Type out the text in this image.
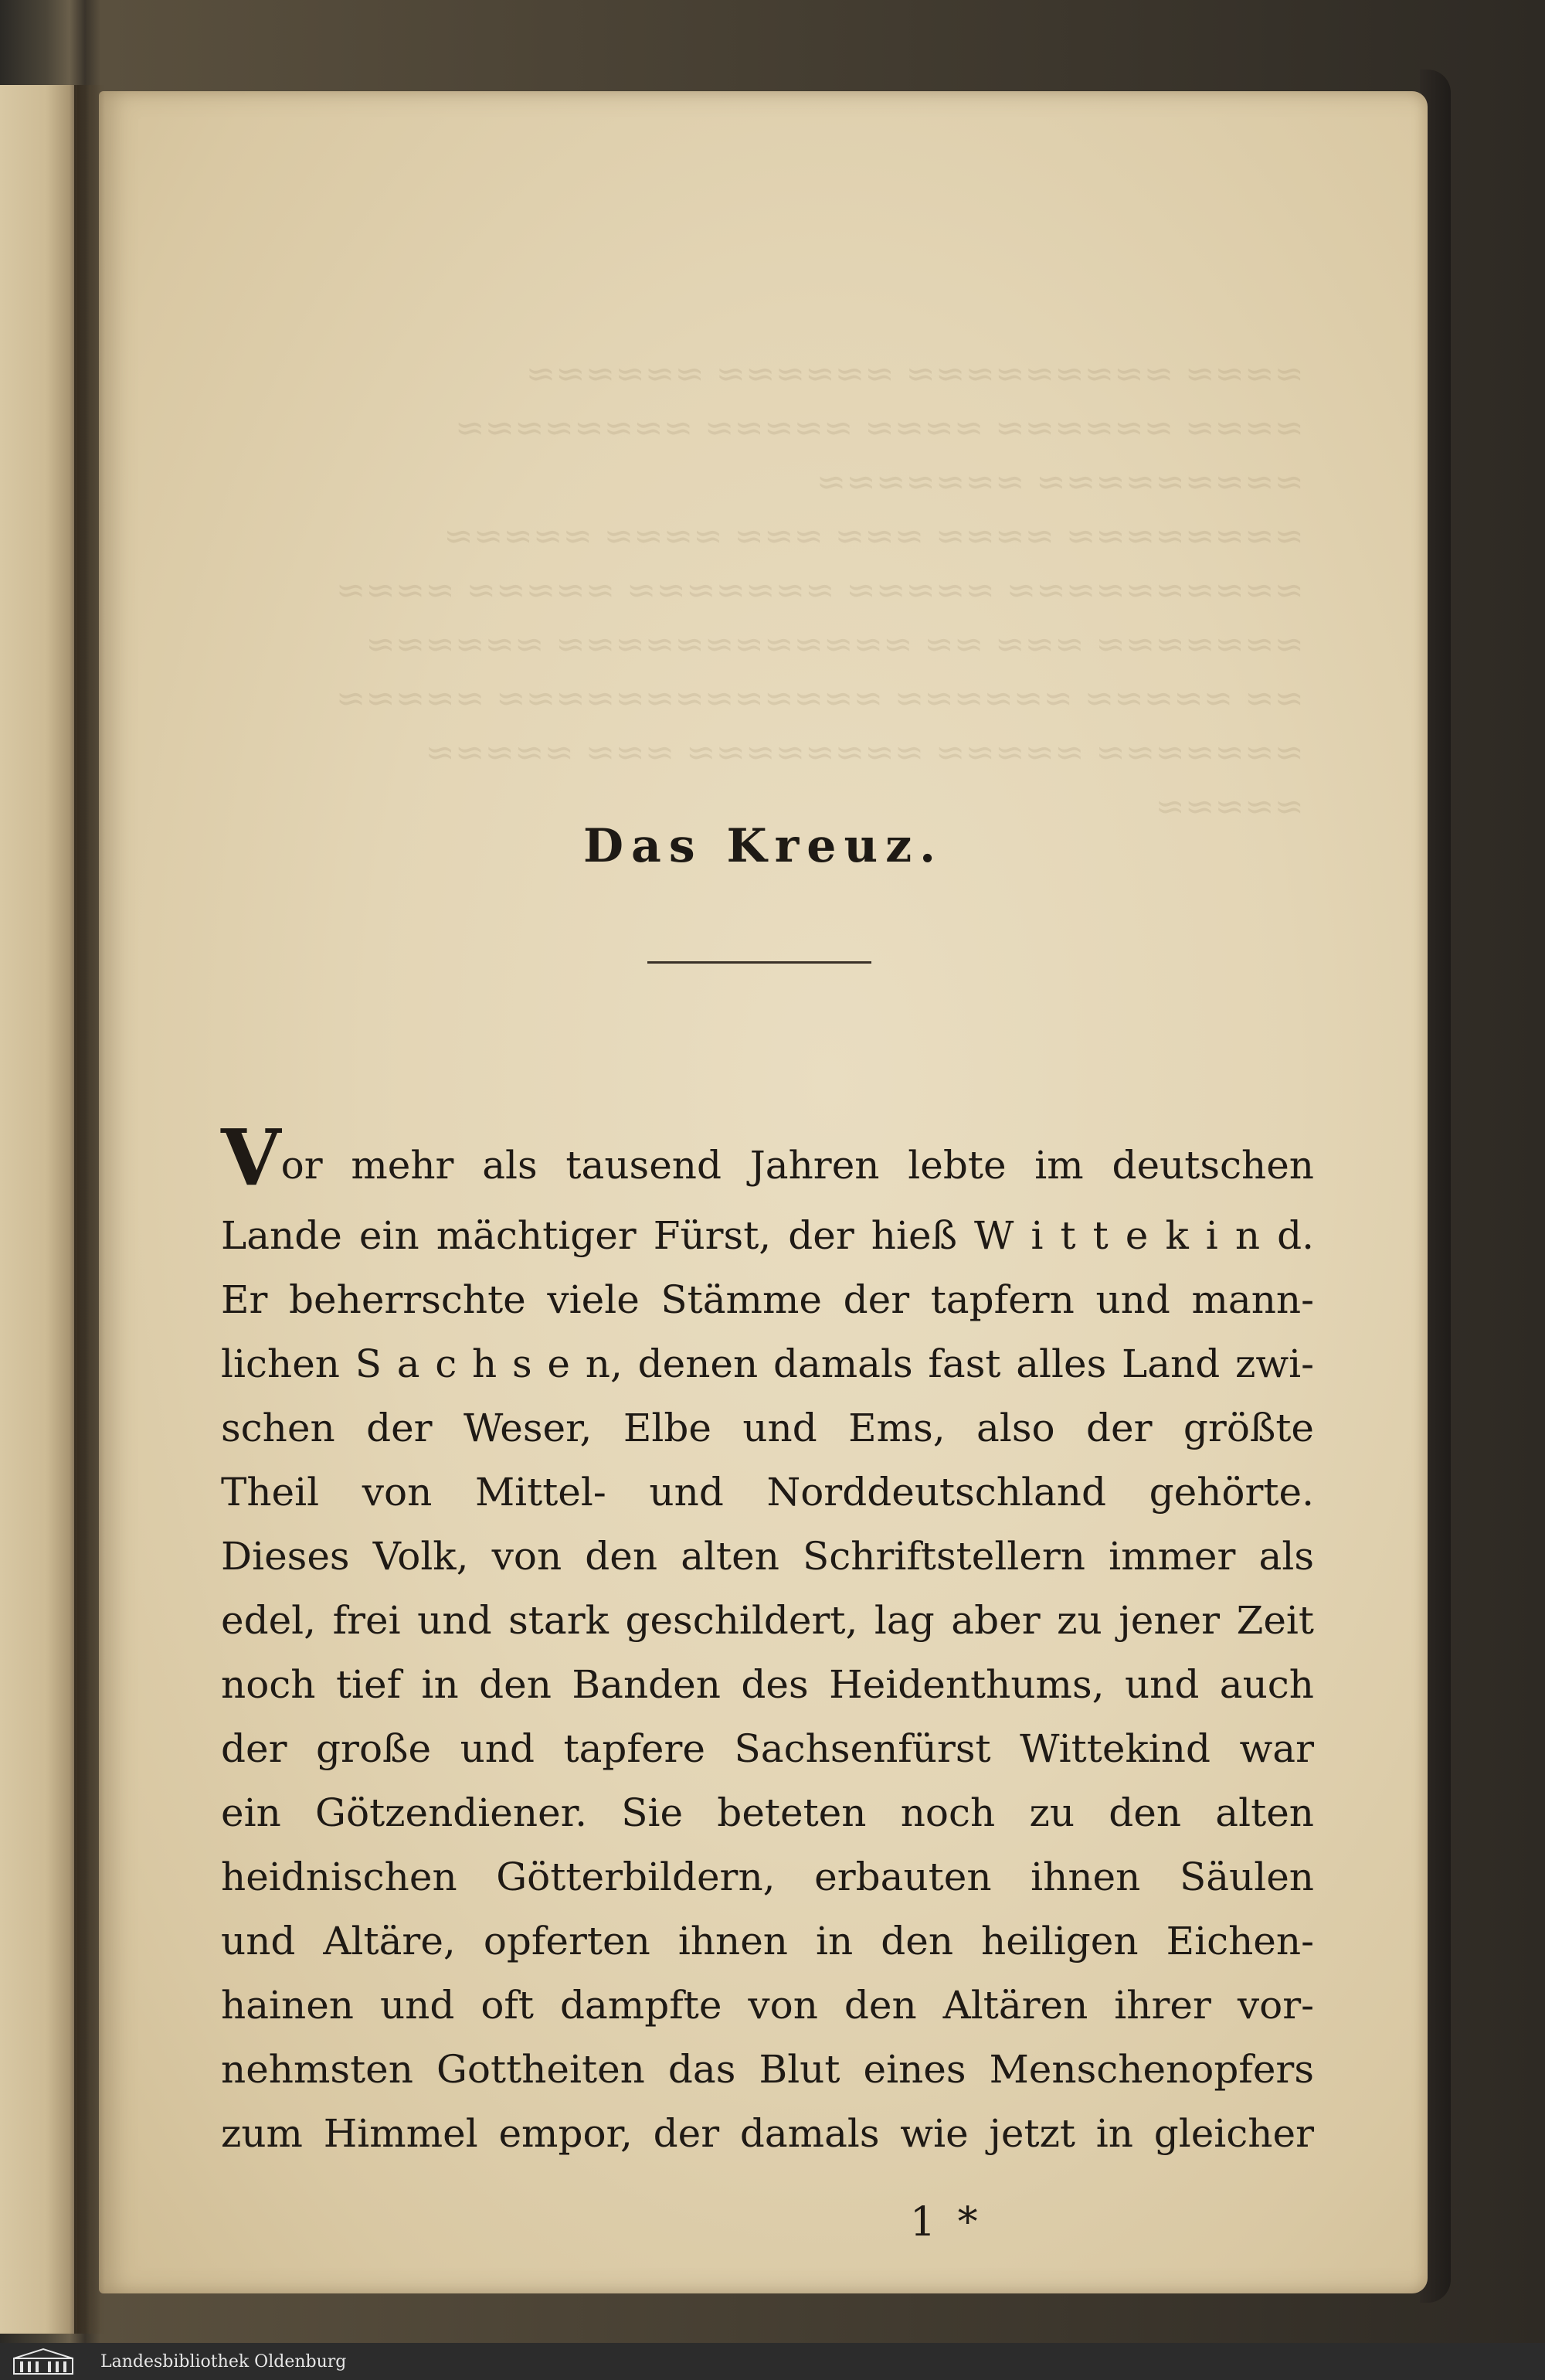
≈≈≈≈ ≈≈≈≈≈≈≈≈≈ ≈≈≈≈≈≈ ≈≈≈≈≈≈
≈≈≈≈ ≈≈≈≈≈≈ ≈≈≈≈ ≈≈≈≈≈ ≈≈≈≈≈≈≈≈
≈≈≈≈≈≈≈≈≈ ≈≈≈≈≈≈≈
≈≈≈≈≈≈≈≈ ≈≈≈≈ ≈≈≈ ≈≈≈ ≈≈≈≈ ≈≈≈≈≈
≈≈≈≈≈≈≈≈≈≈ ≈≈≈≈≈ ≈≈≈≈≈≈≈ ≈≈≈≈≈ ≈≈≈≈
≈≈≈≈≈≈≈ ≈≈≈ ≈≈ ≈≈≈≈≈≈≈≈≈≈≈≈ ≈≈≈≈≈≈
≈≈ ≈≈≈≈≈ ≈≈≈≈≈≈ ≈≈≈≈≈≈≈≈≈≈≈≈≈ ≈≈≈≈≈
≈≈≈≈≈≈≈ ≈≈≈≈≈ ≈≈≈≈≈≈≈≈ ≈≈≈ ≈≈≈≈≈
≈≈≈≈≈
Das Kreuz.
Vor mehr als tausend Jahren lebte im deutschen
Lande ein mächtiger Fürst, der hieß W i t t e k i n d.
Er beherrschte viele Stämme der tapfern und mann-
lichen S a c h s e n, denen damals fast alles Land zwi-
schen der Weser, Elbe und Ems, also der größte
Theil von Mittel- und Norddeutschland gehörte.
Dieses Volk, von den alten Schriftstellern immer als
edel, frei und stark geschildert, lag aber zu jener Zeit
noch tief in den Banden des Heidenthums, und auch
der große und tapfere Sachsenfürst Wittekind war
ein Götzendiener. Sie beteten noch zu den alten
heidnischen Götterbildern, erbauten ihnen Säulen
und Altäre, opferten ihnen in den heiligen Eichen-
hainen und oft dampfte von den Altären ihrer vor-
nehmsten Gottheiten das Blut eines Menschenopfers
zum Himmel empor, der damals wie jetzt in gleicher
1 *
Landesbibliothek Oldenburg
